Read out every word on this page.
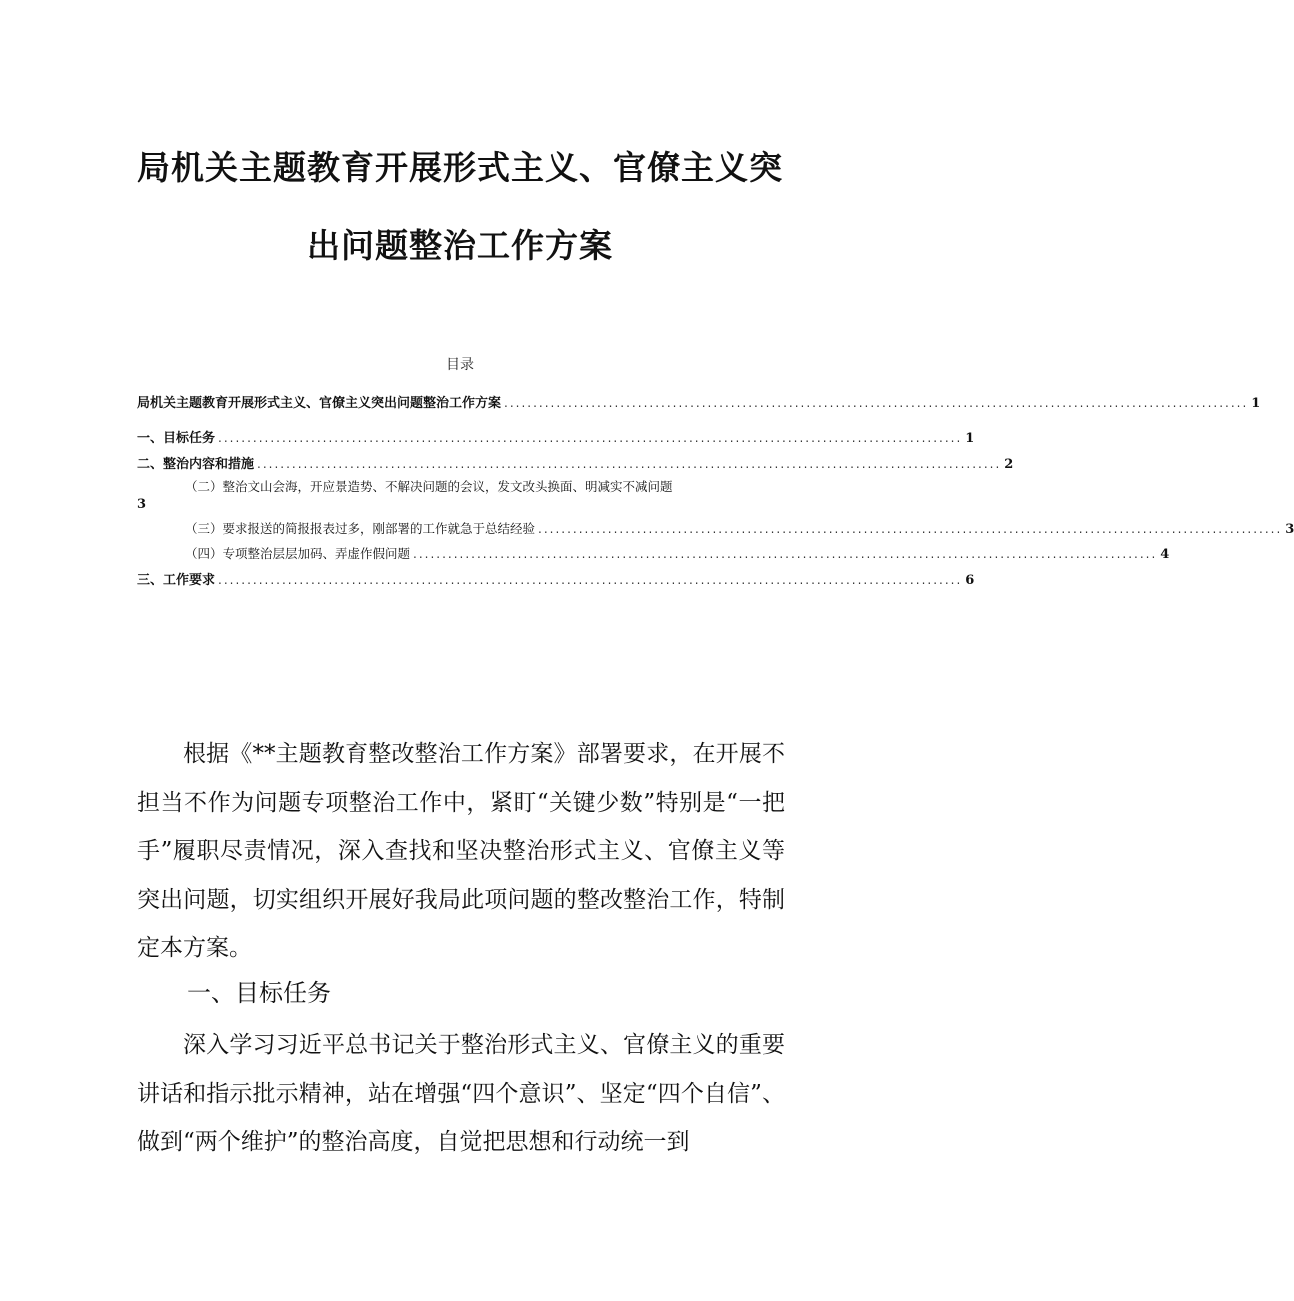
局机关主题教育开展形式主义、官僚主义突
出问题整治工作方案
目录
局机关主题教育开展形式主义、官僚主义突出问题整治工作方案 ................................................................................................................................ 1
一、目标任务 ................................................................................................................................ 1
二、整治内容和措施 ................................................................................................................................ 2
（二）整治文山会海，开应景造势、不解决问题的会议，发文改头换面、明减实不减问题
3
（三）要求报送的简报报表过多，刚部署的工作就急于总结经验 ................................................................................................................................ 3
（四）专项整治层层加码、弄虚作假问题 ................................................................................................................................ 4
三、工作要求 ................................................................................................................................ 6

根据《**主题教育整改整治工作方案》部署要求，在开展不担当不作为问题专项整治工作中，紧盯“关键少数”特别是“一把手”履职尽责情况，深入查找和坚决整治形式主义、官僚主义等突出问题，切实组织开展好我局此项问题的整改整治工作，特制定本方案。

一、目标任务

深入学习习近平总书记关于整治形式主义、官僚主义的重要讲话和指示批示精神，站在增强“四个意识”、坚定“四个自信”、做到“两个维护”的整治高度，自觉把思想和行动统一到
